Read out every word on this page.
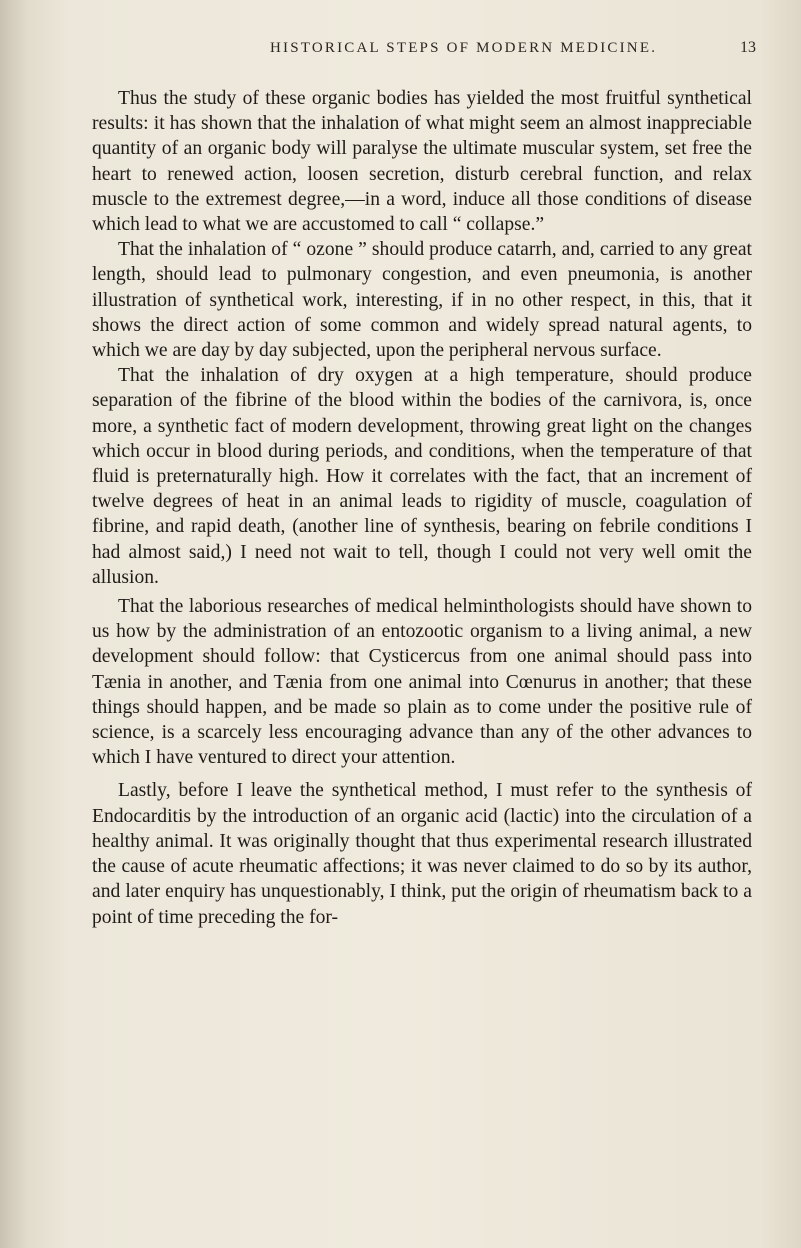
HISTORICAL STEPS OF MODERN MEDICINE.	13

Thus the study of these organic bodies has yielded the most fruitful synthetical results: it has shown that the inhalation of what might seem an almost inappreciable quantity of an organic body will paralyse the ultimate muscular system, set free the heart to renewed action, loosen secretion, disturb cerebral function, and relax muscle to the extremest degree,—in a word, induce all those conditions of disease which lead to what we are accustomed to call “ collapse.”

That the inhalation of “ ozone ” should produce catarrh, and, carried to any great length, should lead to pulmonary congestion, and even pneumonia, is another illustration of synthetical work, interesting, if in no other respect, in this, that it shows the direct action of some common and widely spread natural agents, to which we are day by day subjected, upon the peripheral nervous surface.

That the inhalation of dry oxygen at a high temperature, should produce separation of the fibrine of the blood within the bodies of the carnivora, is, once more, a synthetic fact of modern development, throwing great light on the changes which occur in blood during periods, and conditions, when the temperature of that fluid is preternaturally high. How it correlates with the fact, that an increment of twelve degrees of heat in an animal leads to rigidity of muscle, coagulation of fibrine, and rapid death, (another line of synthesis, bearing on febrile conditions I had almost said,) I need not wait to tell, though I could not very well omit the allusion.

That the laborious researches of medical helminthologists should have shown to us how by the administration of an entozootic organism to a living animal, a new development should follow: that Cysticercus from one animal should pass into Tænia in another, and Tænia from one animal into Cœnurus in another; that these things should happen, and be made so plain as to come under the positive rule of science, is a scarcely less encouraging advance than any of the other advances to which I have ventured to direct your attention.

Lastly, before I leave the synthetical method, I must refer to the synthesis of Endocarditis by the introduction of an organic acid (lactic) into the circulation of a healthy animal. It was originally thought that thus experimental research illustrated the cause of acute rheumatic affections; it was never claimed to do so by its author, and later enquiry has unquestionably, I think, put the origin of rheumatism back to a point of time preceding the for-
